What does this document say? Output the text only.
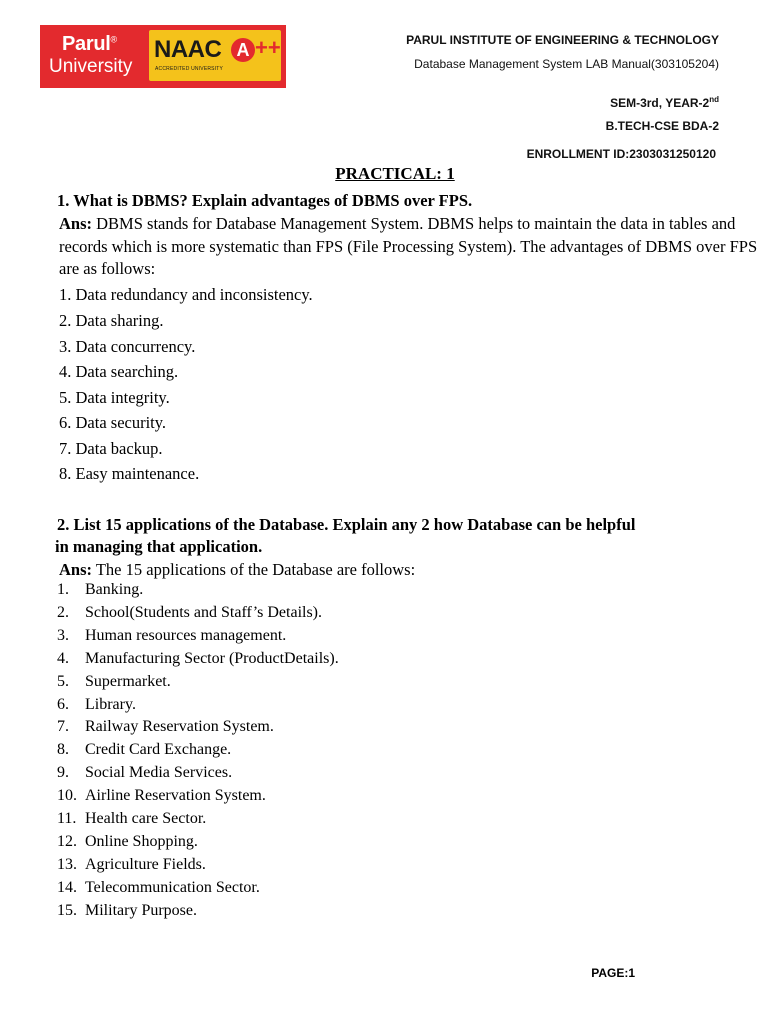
Parul®
University
NAAC A ++
ACCREDITED UNIVERSITY
PARUL INSTITUTE OF ENGINEERING & TECHNOLOGY
Database Management System LAB Manual(303105204)
SEM-3rd, YEAR-2nd
B.TECH-CSE BDA-2
ENROLLMENT ID:2303031250120
PRACTICAL: 1
1. What is DBMS? Explain advantages of DBMS over FPS.
Ans: DBMS stands for Database Management System. DBMS helps to maintain the data in tables and records which is more systematic than FPS (File Processing System). The advantages of DBMS over FPS are as follows:
1. Data redundancy and inconsistency.
2. Data sharing.
3. Data concurrency.
4. Data searching.
5. Data integrity.
6. Data security.
7. Data backup.
8. Easy maintenance.
2. List 15 applications of the Database. Explain any 2 how Database can be helpful
in managing that application.
Ans: The 15 applications of the Database are follows:
1. Banking.
2. School(Students and Staff’s Details).
3. Human resources management.
4. Manufacturing Sector (ProductDetails).
5. Supermarket.
6. Library.
7. Railway Reservation System.
8. Credit Card Exchange.
9. Social Media Services.
10. Airline Reservation System.
11. Health care Sector.
12. Online Shopping.
13. Agriculture Fields.
14. Telecommunication Sector.
15. Military Purpose.
PAGE:1
